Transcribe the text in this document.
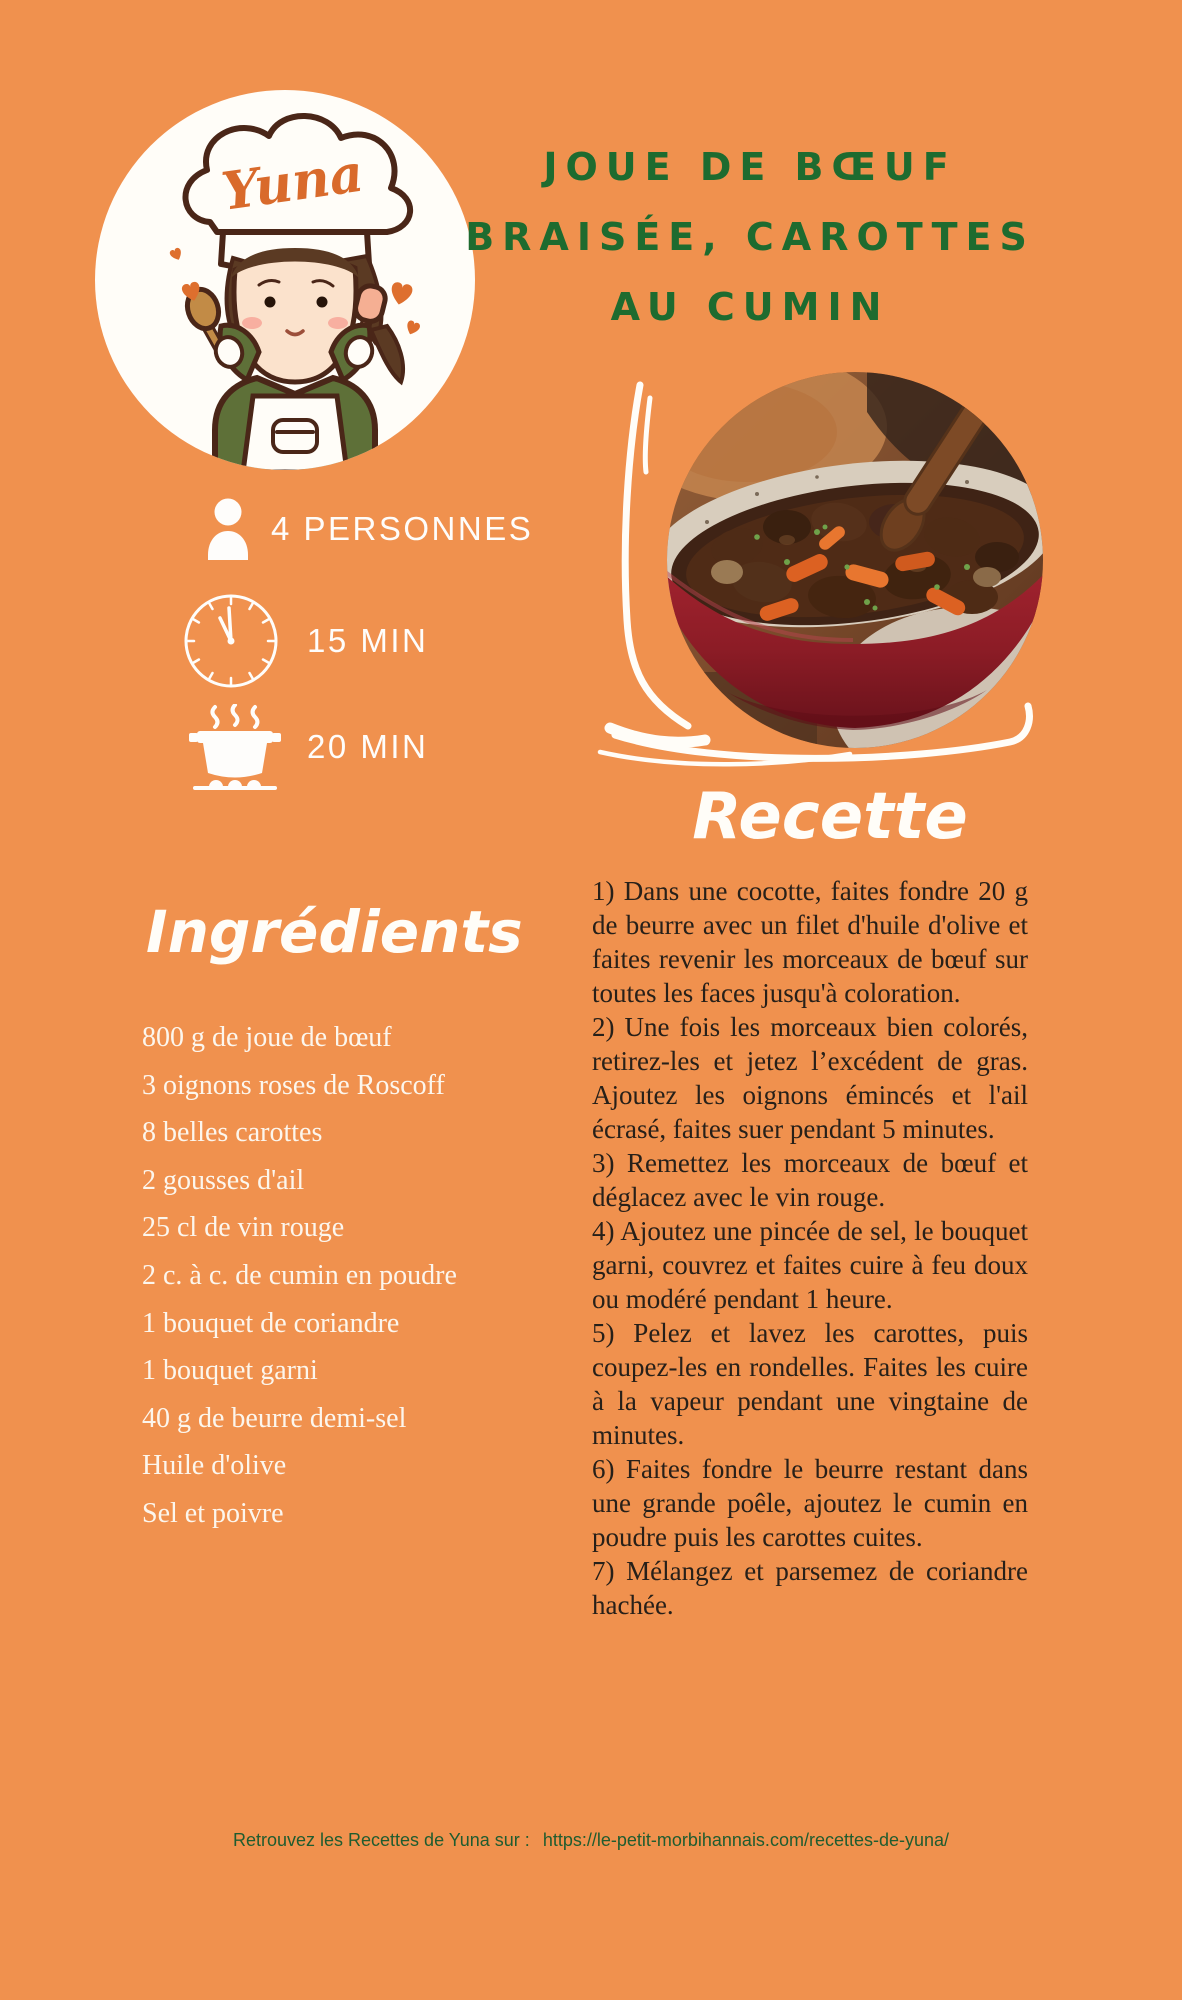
Yuna	JOUE DE BŒUF
BRAISÉE, CAROTTES
AU CUMIN
4 PERSONNES
15 MIN
20 MIN
Recette
Ingrédients
800 g de joue de bœuf
3 oignons roses de Roscoff
8 belles carottes
2 gousses d'ail
25 cl de vin rouge
2 c. à c. de cumin en poudre
1 bouquet de coriandre
1 bouquet garni
40 g de beurre demi-sel
Huile d'olive
Sel et poivre

1) Dans une cocotte, faites fondre 20 g de beurre avec un filet d'huile d'olive et faites revenir les morceaux de bœuf sur toutes les faces jusqu'à coloration.

2) Une fois les morceaux bien colorés, retirez-les et jetez l’excédent de gras. Ajoutez les oignons émincés et l'ail écrasé, faites suer pendant 5 minutes.

3) Remettez les morceaux de bœuf et déglacez avec le vin rouge.

4) Ajoutez une pincée de sel, le bouquet garni, couvrez et faites cuire à feu doux ou modéré pendant 1 heure.

5) Pelez et lavez les carottes, puis coupez-les en rondelles. Faites les cuire à la vapeur pendant une vingtaine de minutes.

6) Faites fondre le beurre restant dans une grande poêle, ajoutez le cumin en poudre puis les carottes cuites.

7) Mélangez et parsemez de coriandre hachée.

Retrouvez les Recettes de Yuna sur : https://le-petit-morbihannais.com/recettes-de-yuna/
